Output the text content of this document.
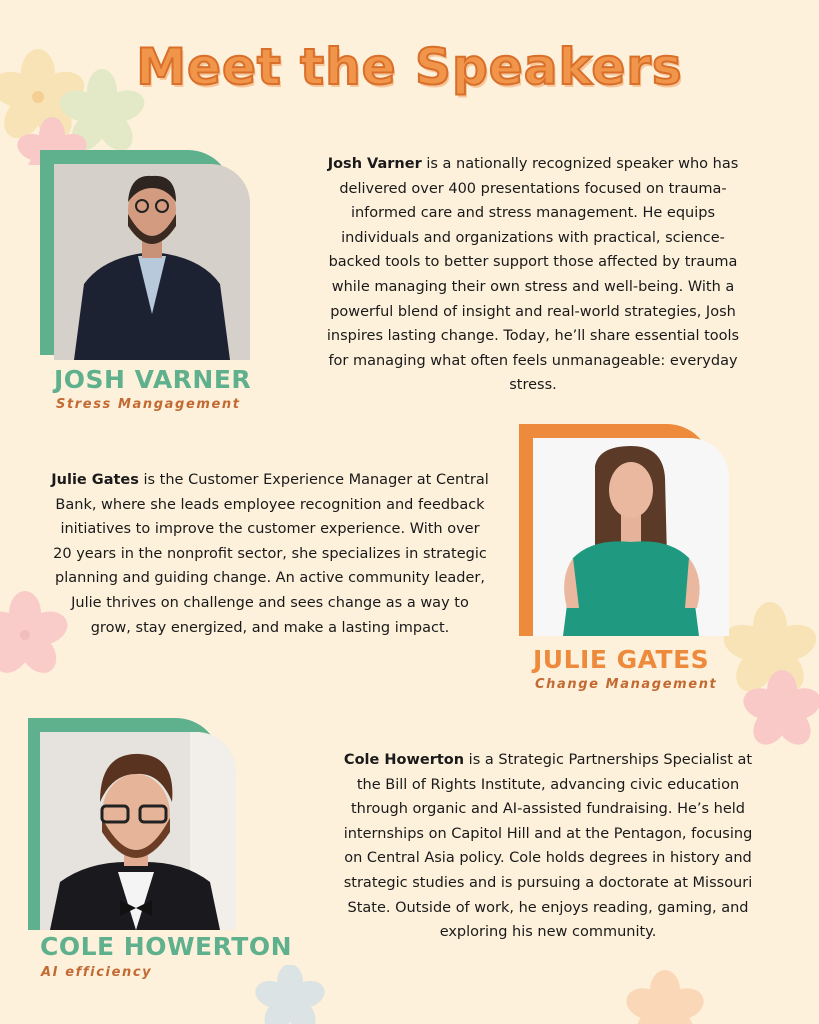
Meet the Speakers
JOSH VARNER
Stress Mangagement

Josh Varner is a nationally recognized speaker who has delivered over 400 presentations focused on trauma-informed care and stress management. He equips individuals and organizations with practical, science-backed tools to better support those affected by trauma while managing their own stress and well-being. With a powerful blend of insight and real-world strategies, Josh inspires lasting change. Today, he’ll share essential tools for managing what often feels unmanageable: everyday stress.

JULIE GATES
Change Management

Julie Gates is the Customer Experience Manager at Central Bank, where she leads employee recognition and feedback initiatives to improve the customer experience. With over 20 years in the nonprofit sector, she specializes in strategic planning and guiding change. An active community leader, Julie thrives on challenge and sees change as a way to grow, stay energized, and make a lasting impact.

COLE HOWERTON
AI efficiency

Cole Howerton is a Strategic Partnerships Specialist at the Bill of Rights Institute, advancing civic education through organic and AI-assisted fundraising. He’s held internships on Capitol Hill and at the Pentagon, focusing on Central Asia policy. Cole holds degrees in history and strategic studies and is pursuing a doctorate at Missouri State. Outside of work, he enjoys reading, gaming, and exploring his new community.
